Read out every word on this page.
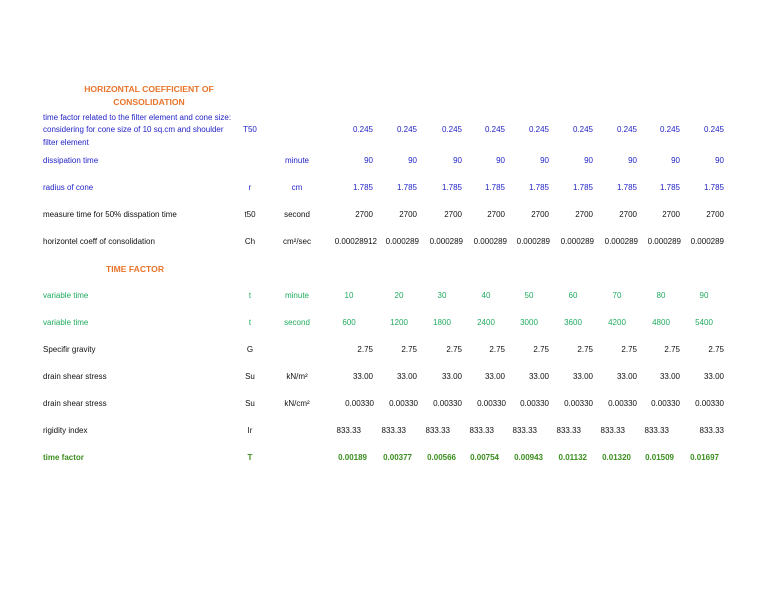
HORIZONTAL COEFFICIENT OF
CONSOLIDATION
time factor related to the filter element and cone size: considering for cone size of 10 sq.cm and shoulder filter element
T50	0.245	0.245	0.245	0.245	0.245	0.245	0.245	0.245	0.245
dissipation time	minute	90	90	90	90	90	90	90	90	90
radius of cone	r	cm	1.785	1.785	1.785	1.785	1.785	1.785	1.785	1.785	1.785
measure time for 50% disspation time	t50	second	2700	2700	2700	2700	2700	2700	2700	2700	2700
horizontel coeff of consolidation	Ch	cm²/sec	0.00028912	0.000289	0.000289	0.000289	0.000289	0.000289	0.000289	0.000289	0.000289
TIME FACTOR
variable time	t	minute	10	20	30	40	50	60	70	80	90
variable time	t	second	600	1200	1800	2400	3000	3600	4200	4800	5400
Specifir gravity	G	2.75	2.75	2.75	2.75	2.75	2.75	2.75	2.75	2.75
drain shear stress	Su	kN/m²	33.00	33.00	33.00	33.00	33.00	33.00	33.00	33.00	33.00
drain shear stress	Su	kN/cm²	0.00330	0.00330	0.00330	0.00330	0.00330	0.00330	0.00330	0.00330	0.00330
rigidity index	Ir	833.33	833.33	833.33	833.33	833.33	833.33	833.33	833.33	833.33
time factor	T	0.00189	0.00377	0.00566	0.00754	0.00943	0.01132	0.01320	0.01509	0.01697
